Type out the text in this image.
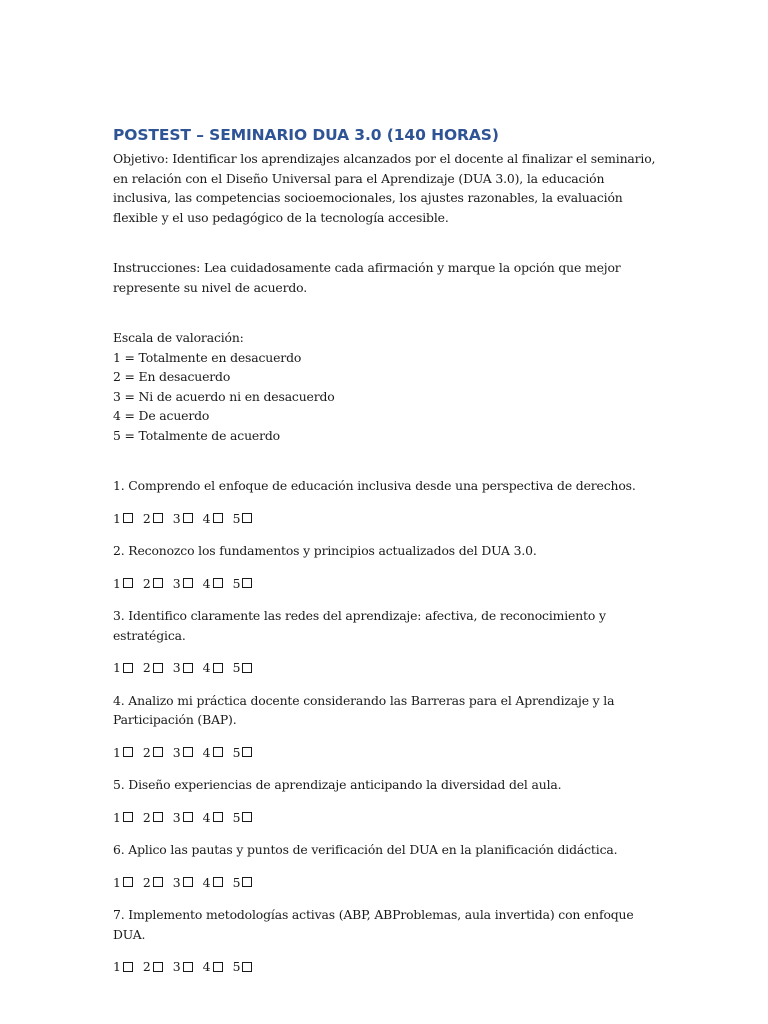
POSTEST – SEMINARIO DUA 3.0 (140 HORAS)

Objetivo: Identificar los aprendizajes alcanzados por el docente al finalizar el seminario, en relación con el Diseño Universal para el Aprendizaje (DUA 3.0), la educación inclusiva, las competencias socioemocionales, los ajustes razonables, la evaluación flexible y el uso pedagógico de la tecnología accesible.

Instrucciones: Lea cuidadosamente cada afirmación y marque la opción que mejor represente su nivel de acuerdo.

Escala de valoración:
1 = Totalmente en desacuerdo
2 = En desacuerdo
3 = Ni de acuerdo ni en desacuerdo
4 = De acuerdo
5 = Totalmente de acuerdo

1. Comprendo el enfoque de educación inclusiva desde una perspectiva de derechos.

1 2 3 4 5

2. Reconozco los fundamentos y principios actualizados del DUA 3.0.

1 2 3 4 5

3. Identifico claramente las redes del aprendizaje: afectiva, de reconocimiento y estratégica.

1 2 3 4 5

4. Analizo mi práctica docente considerando las Barreras para el Aprendizaje y la Participación (BAP).

1 2 3 4 5

5. Diseño experiencias de aprendizaje anticipando la diversidad del aula.

1 2 3 4 5

6. Aplico las pautas y puntos de verificación del DUA en la planificación didáctica.

1 2 3 4 5

7. Implemento metodologías activas (ABP, ABProblemas, aula invertida) con enfoque DUA.

1 2 3 4 5
